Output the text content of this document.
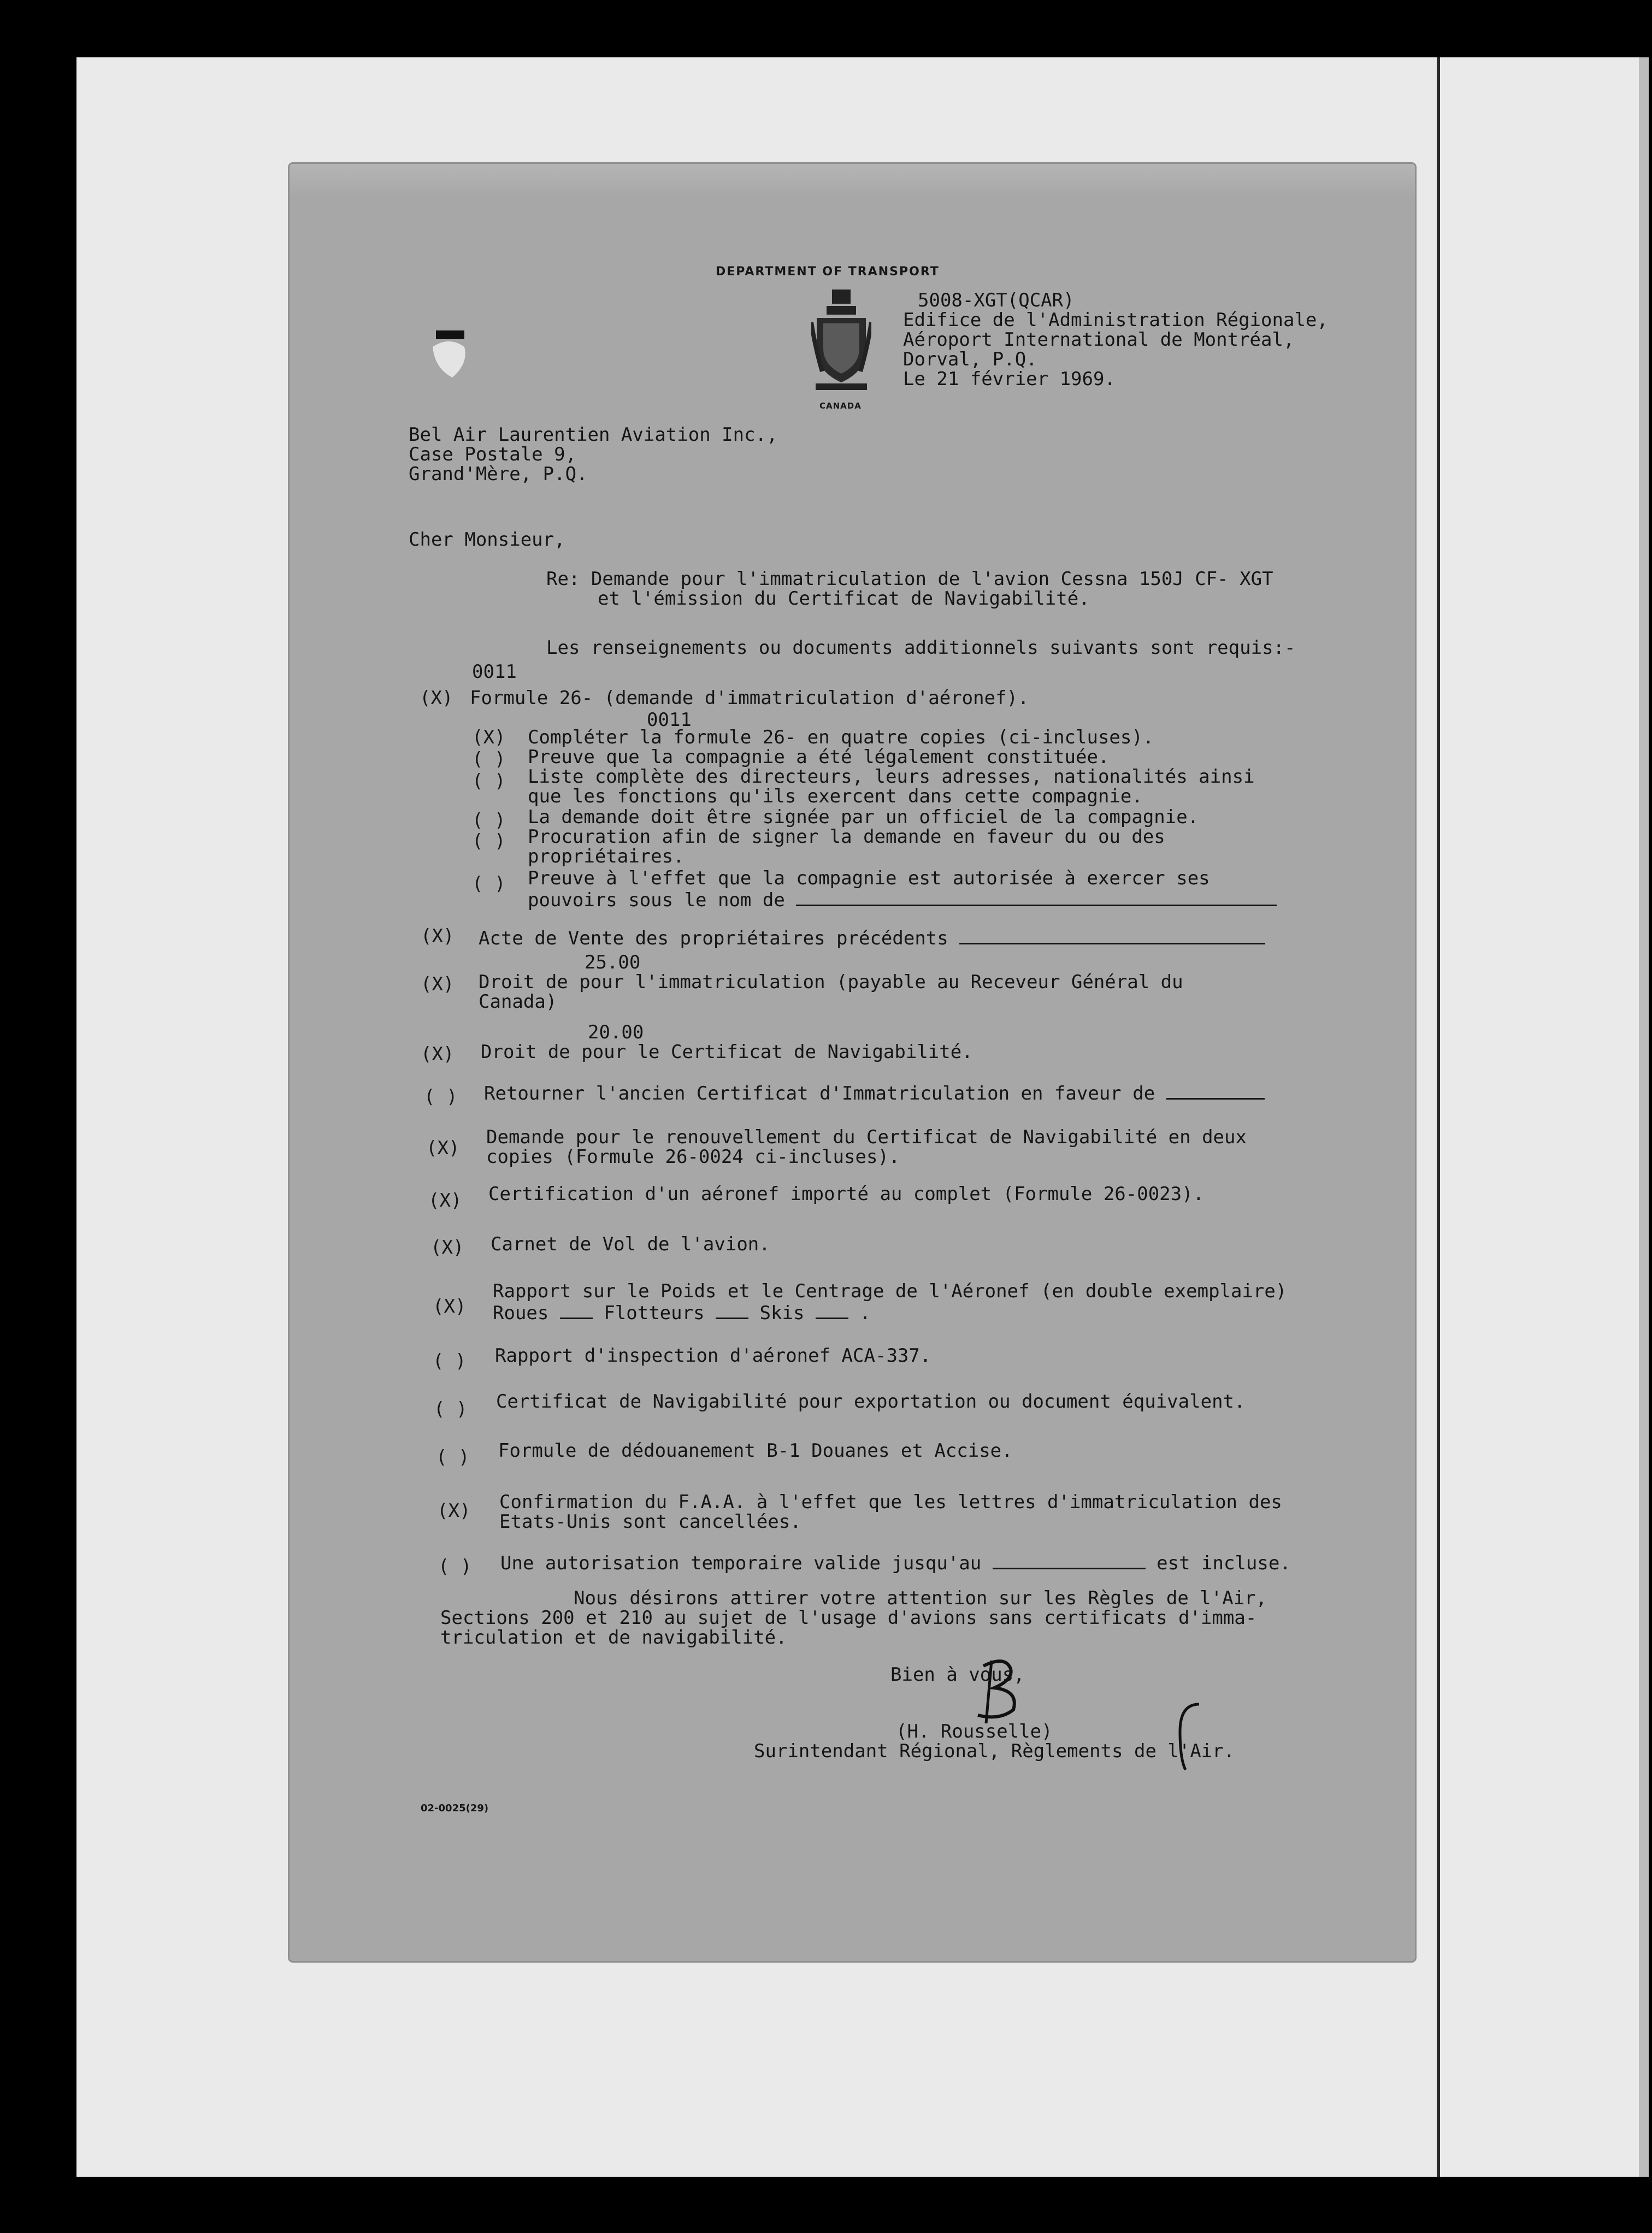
DEPARTMENT OF TRANSPORT
CANADA
5008-XGT(QCAR)
Edifice de l'Administration Régionale,
Aéroport International de Montréal,
Dorval, P.Q.
Le 21 février 1969.
Bel Air Laurentien Aviation Inc.,
Case Postale 9,
Grand'Mère, P.Q.
Cher Monsieur,
Re: Demande pour l'immatriculation de l'avion Cessna 150J CF- XGT
et l'émission du Certificat de Navigabilité.
Les renseignements ou documents additionnels suivants sont requis:-
0011
(X) Formule 26- (demande d'immatriculation d'aéronef).
0011
(X) Compléter la formule 26- en quatre copies (ci-incluses).
( ) Preuve que la compagnie a été légalement constituée.
( ) Liste complète des directeurs, leurs adresses, nationalités ainsi
que les fonctions qu'ils exercent dans cette compagnie.
( ) La demande doit être signée par un officiel de la compagnie.
( ) Procuration afin de signer la demande en faveur du ou des
propriétaires.
( ) Preuve à l'effet que la compagnie est autorisée à exercer ses
pouvoirs sous le nom de
(X) Acte de Vente des propriétaires précédents
25.00
(X) Droit de pour l'immatriculation (payable au Receveur Général du
Canada)
20.00
(X) Droit de pour le Certificat de Navigabilité.
( ) Retourner l'ancien Certificat d'Immatriculation en faveur de
(X) Demande pour le renouvellement du Certificat de Navigabilité en deux
copies (Formule 26-0024 ci-incluses).
(X) Certification d'un aéronef importé au complet (Formule 26-0023).
(X) Carnet de Vol de l'avion.
(X)
Rapport sur le Poids et le Centrage de l'Aéronef (en double exemplaire)
Roues	Flotteurs	Skis  .
( ) Rapport d'inspection d'aéronef ACA-337.
( ) Certificat de Navigabilité pour exportation ou document équivalent.
( ) Formule de dédouanement B-1 Douanes et Accise.
(X) Confirmation du F.A.A. à l'effet que les lettres d'immatriculation des
Etats-Unis sont cancellées.
( ) Une autorisation temporaire valide jusqu'au	est incluse.
Nous désirons attirer votre attention sur les Règles de l'Air,
Sections 200 et 210 au sujet de l'usage d'avions sans certificats d'imma-
triculation et de navigabilité.
Bien à vous,
(H. Rousselle)
Surintendant Régional, Règlements de l'Air.
02-0025(29)
